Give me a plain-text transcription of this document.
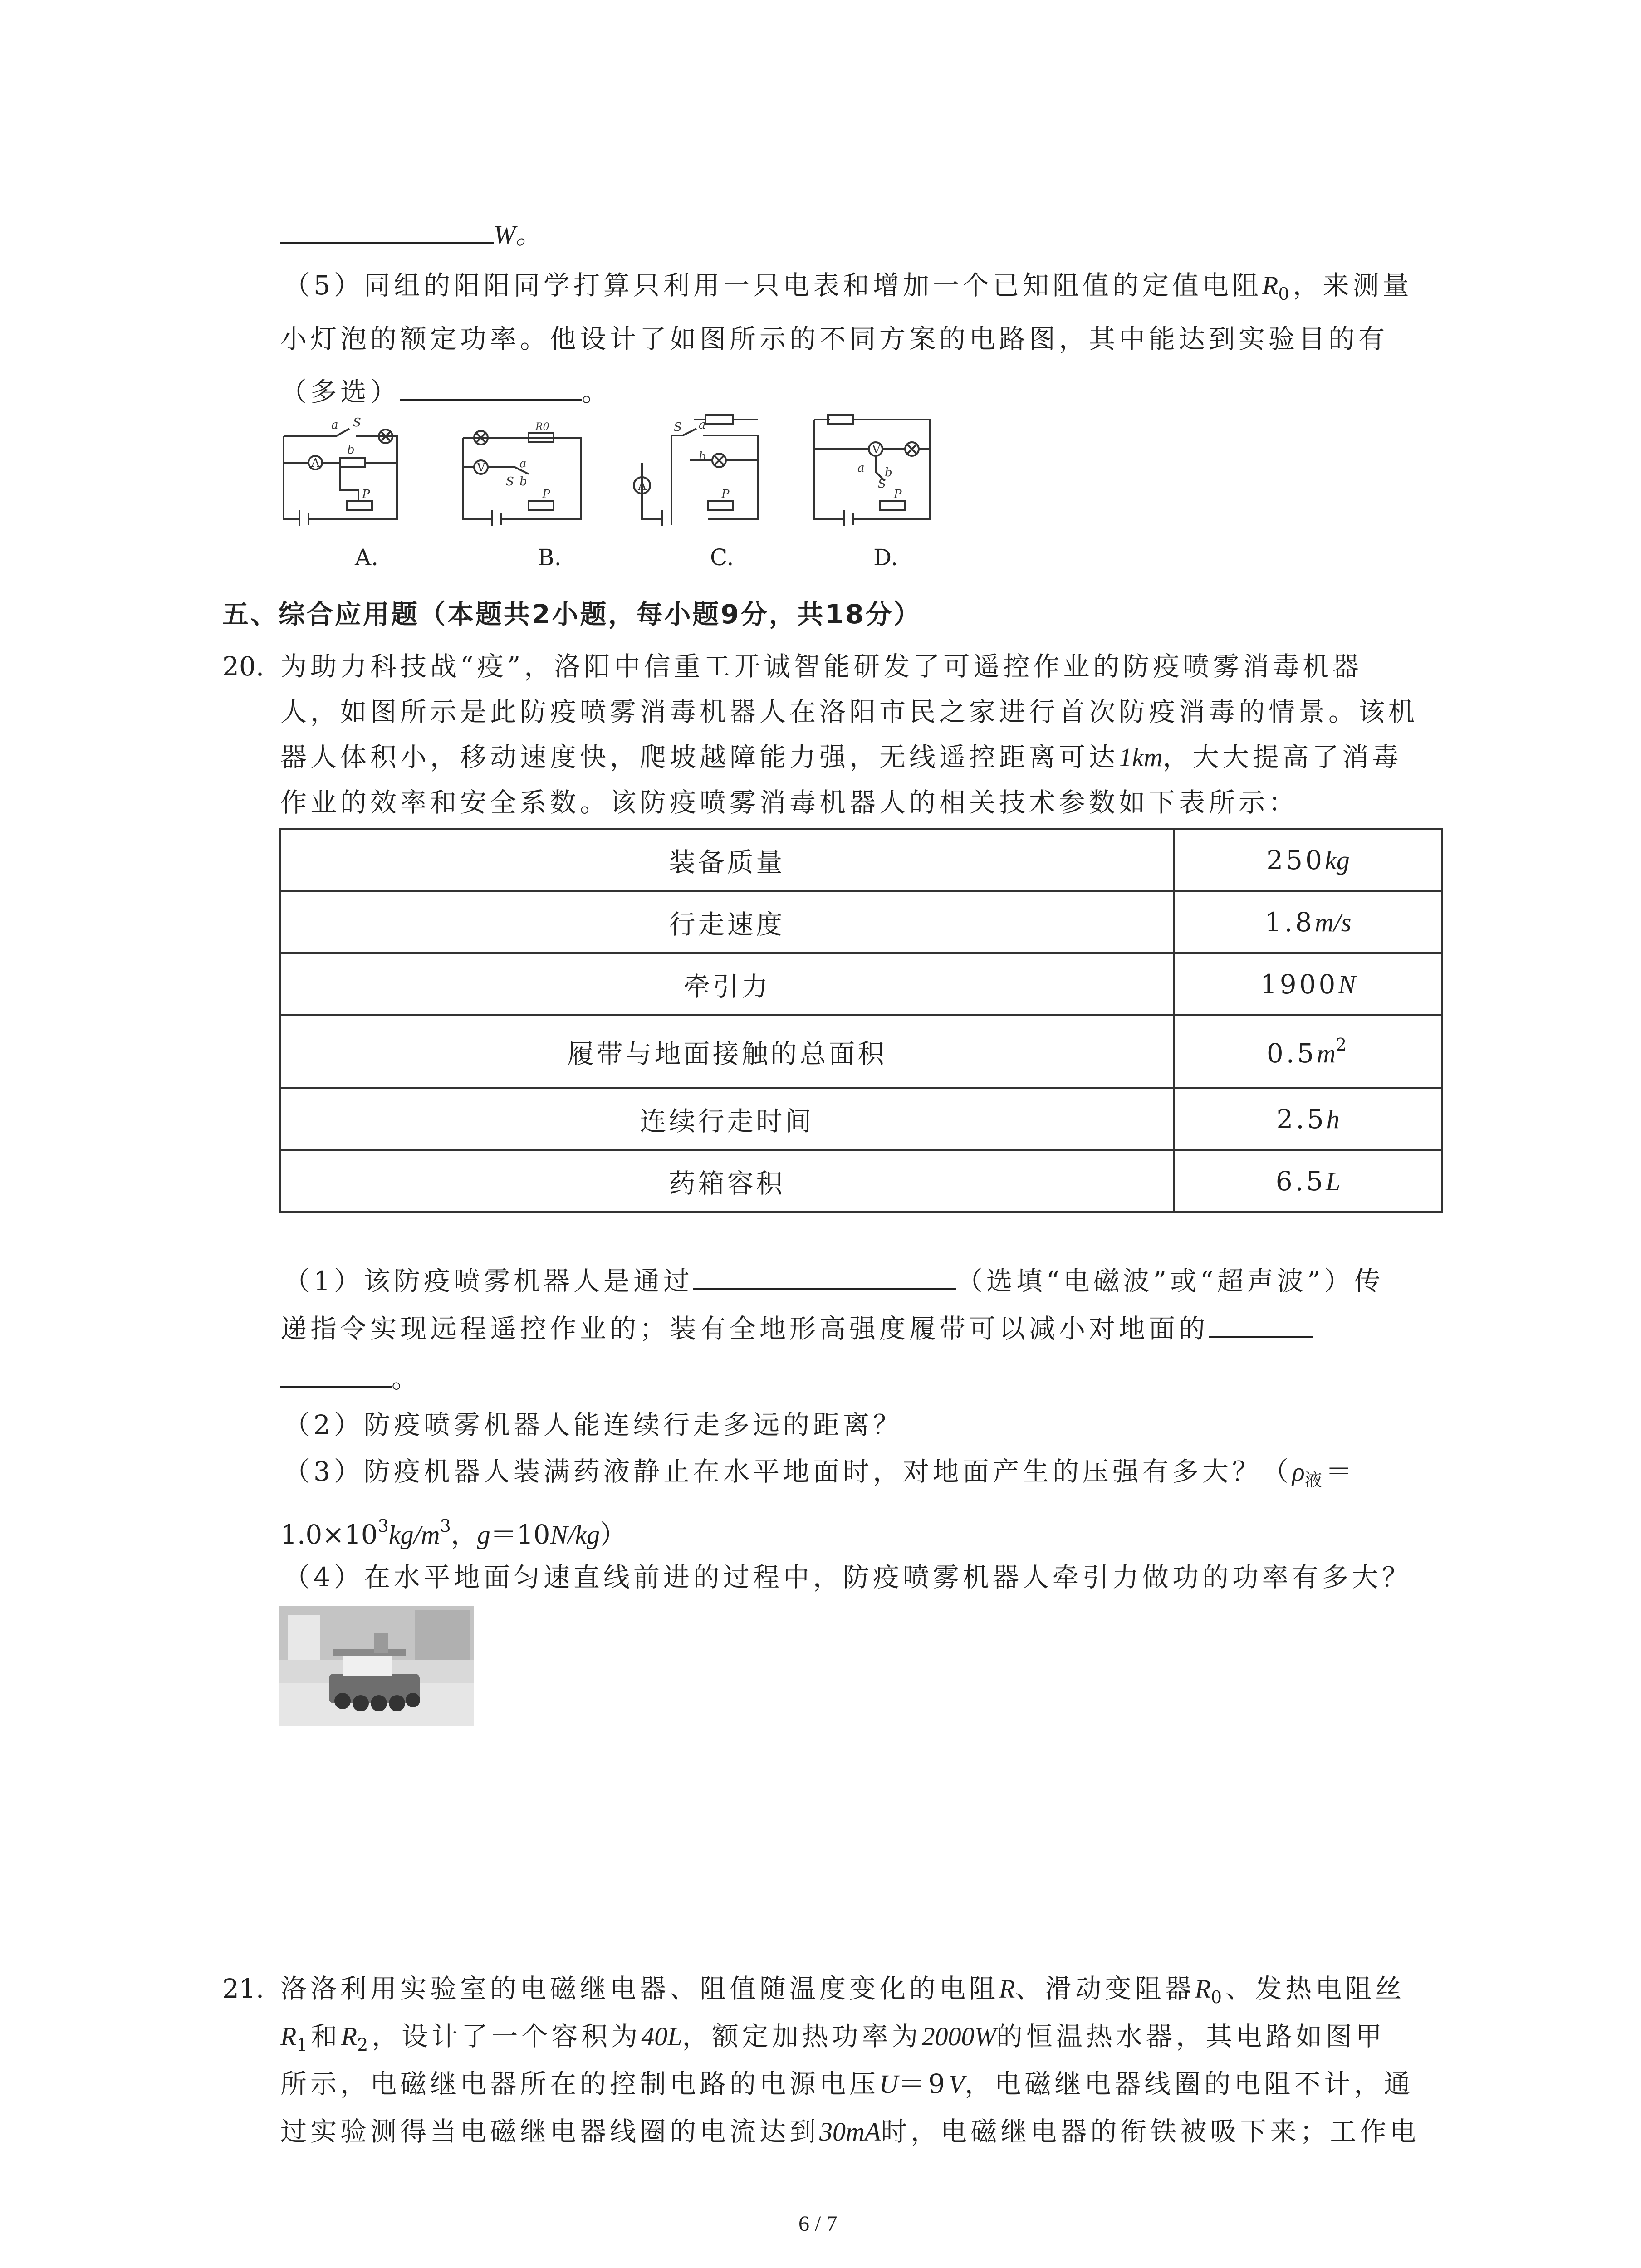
W。
（5）同组的阳阳同学打算只利用一只电表和增加一个已知阻值的定值电阻$R_0$，来测量
小灯泡的额定功率。他设计了如图所示的不同方案的电路图，其中能达到实验目的有
（多选）	。
a
b
S
A
P
R0
V	a
b
S
P
S a
b
A
P
V
a b
S
P
A.	B.	C.	D.
五、综合应用题（本题共2小题，每小题9分，共18分）
20. 为助力科技战“疫”，洛阳中信重工开诚智能研发了可遥控作业的防疫喷雾消毒机器
人，如图所示是此防疫喷雾消毒机器人在洛阳市民之家进行首次防疫消毒的情景。该机
器人体积小，移动速度快，爬坡越障能力强，无线遥控距离可达1km，大大提高了消毒
作业的效率和安全系数。该防疫喷雾消毒机器人的相关技术参数如下表所示：
装备质量	250kg
行走速度	1.8m/s
牵引力	1900N
履带与地面接触的总面积	$0.5m^2$
连续行走时间	2.5h
药箱容积	6.5L
（1）该防疫喷雾机器人是通过	（选填“电磁波”或“超声波”）传
递指令实现远程遥控作业的；装有全地形高强度履带可以减小对地面的
。
（2）防疫喷雾机器人能连续行走多远的距离？
（3）防疫机器人装满药液静止在水平地面时，对地面产生的压强有多大？（$\rho_液=$
$1.0\times 10^3kg/m^3$，g＝10N/kg）
（4）在水平地面匀速直线前进的过程中，防疫喷雾机器人牵引力做功的功率有多大？
21. 洛洛利用实验室的电磁继电器、阻值随温度变化的电阻R、滑动变阻器$R_0$、发热电阻丝
$R_1$和$R_2$，设计了一个容积为40L，额定加热功率为2000W的恒温热水器，其电路如图甲
所示，电磁继电器所在的控制电路的电源电压U＝9V，电磁继电器线圈的电阻不计，通
过实验测得当电磁继电器线圈的电流达到30mA时，电磁继电器的衔铁被吸下来；工作电
6 / 7
